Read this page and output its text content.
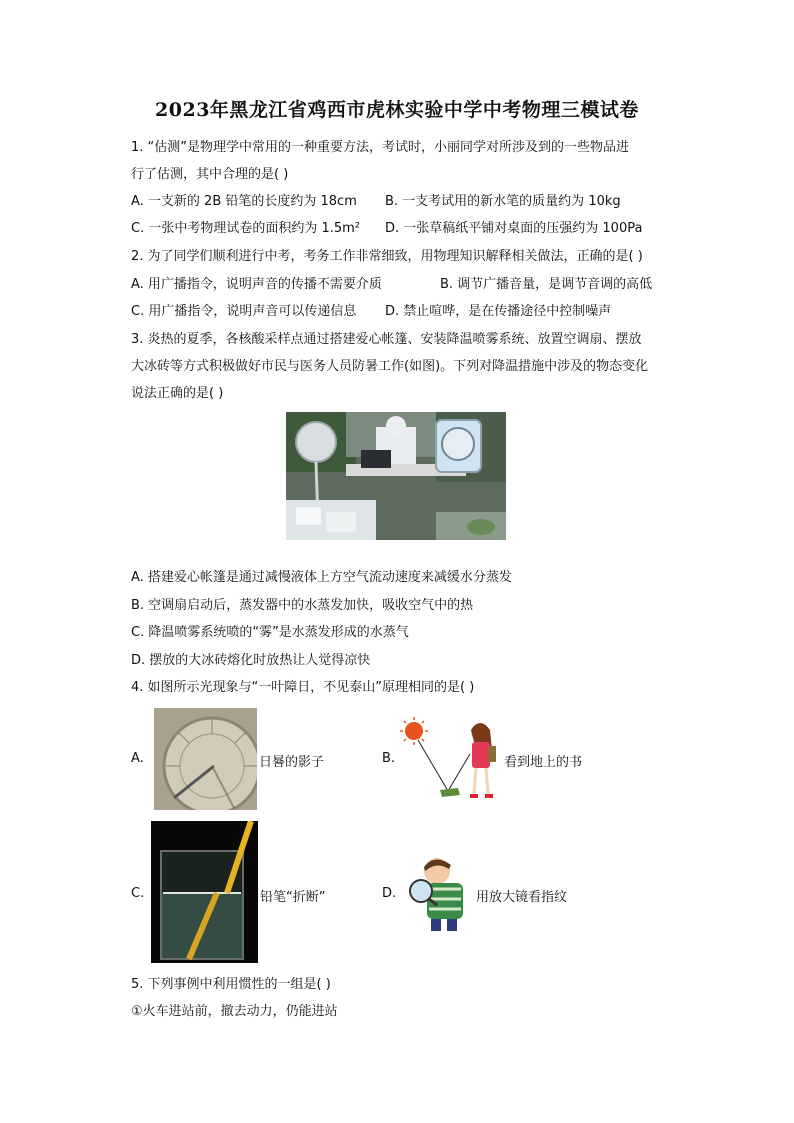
2023年黑龙江省鸡西市虎林实验中学中考物理三模试卷
1. “估测”是物理学中常用的一种重要方法，考试时，小丽同学对所涉及到的一些物品进
行了估测，其中合理的是( )
A. 一支新的 2B 铅笔的长度约为 18cm B. 一支考试用的新水笔的质量约为 10kg
C. 一张中考物理试卷的面积约为 1.5m² D. 一张草稿纸平铺对桌面的压强约为 100Pa
2. 为了同学们顺利进行中考，考务工作非常细致，用物理知识解释相关做法，正确的是( )
A. 用广播指令，说明声音的传播不需要介质	B. 调节广播音量，是调节音调的高低
C. 用广播指令，说明声音可以传递信息 D. 禁止喧哗，是在传播途径中控制噪声
3. 炎热的夏季，各核酸采样点通过搭建爱心帐篷、安装降温喷雾系统、放置空调扇、摆放
大冰砖等方式积极做好市民与医务人员防暑工作(如图)。下列对降温措施中涉及的物态变化
说法正确的是( )
A. 搭建爱心帐篷是通过减慢液体上方空气流动速度来减缓水分蒸发
B. 空调扇启动后，蒸发器中的水蒸发加快，吸收空气中的热
C. 降温喷雾系统喷的“雾”是水蒸发形成的水蒸气
D. 摆放的大冰砖熔化时放热让人觉得凉快
4. 如图所示光现象与“一叶障日，不见泰山”原理相同的是( )
A.	日晷的影子	B.	看到地上的书
C.	铅笔“折断”	D.	用放大镜看指纹
5. 下列事例中利用惯性的一组是( )
①火车进站前，撤去动力，仍能进站
